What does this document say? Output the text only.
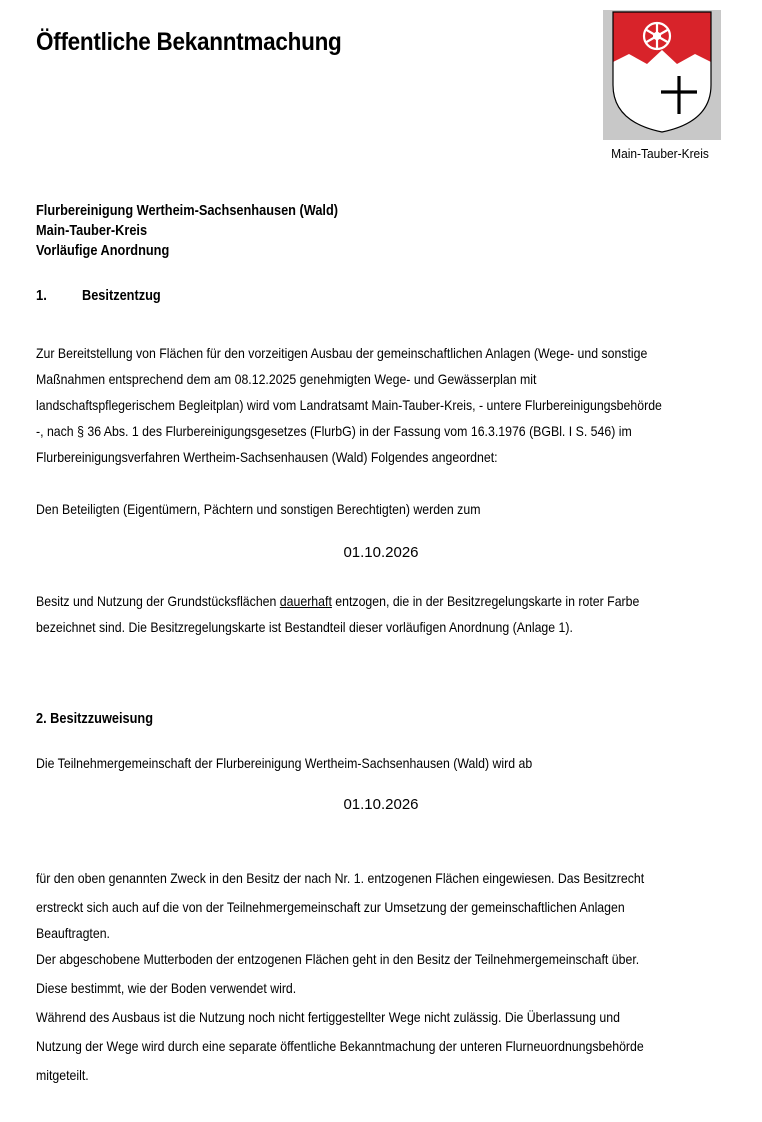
Öffentliche Bekanntmachung
Main-Tauber-Kreis
Flurbereinigung Wertheim-Sachsenhausen (Wald)
Main-Tauber-Kreis
Vorläufige Anordnung
1. Besitzentzug
Zur Bereitstellung von Flächen für den vorzeitigen Ausbau der gemeinschaftlichen Anlagen (Wege- und sonstige
Maßnahmen entsprechend dem am 08.12.2025 genehmigten Wege- und Gewässerplan mit
landschaftspflegerischem Begleitplan) wird vom Landratsamt Main-Tauber-Kreis, - untere Flurbereinigungsbehörde
-, nach § 36 Abs. 1 des Flurbereinigungsgesetzes (FlurbG) in der Fassung vom 16.3.1976 (BGBl. I S. 546) im
Flurbereinigungsverfahren Wertheim-Sachsenhausen (Wald) Folgendes angeordnet:
Den Beteiligten (Eigentümern, Pächtern und sonstigen Berechtigten) werden zum
01.10.2026
Besitz und Nutzung der Grundstücksflächen dauerhaft entzogen, die in der Besitzregelungskarte in roter Farbe
bezeichnet sind. Die Besitzregelungskarte ist Bestandteil dieser vorläufigen Anordnung (Anlage 1).
2. Besitzzuweisung
Die Teilnehmergemeinschaft der Flurbereinigung Wertheim-Sachsenhausen (Wald) wird ab
01.10.2026
für den oben genannten Zweck in den Besitz der nach Nr. 1. entzogenen Flächen eingewiesen. Das Besitzrecht
erstreckt sich auch auf die von der Teilnehmergemeinschaft zur Umsetzung der gemeinschaftlichen Anlagen
Beauftragten.
Der abgeschobene Mutterboden der entzogenen Flächen geht in den Besitz der Teilnehmergemeinschaft über.
Diese bestimmt, wie der Boden verwendet wird.
Während des Ausbaus ist die Nutzung noch nicht fertiggestellter Wege nicht zulässig. Die Überlassung und
Nutzung der Wege wird durch eine separate öffentliche Bekanntmachung der unteren Flurneuordnungsbehörde
mitgeteilt.
